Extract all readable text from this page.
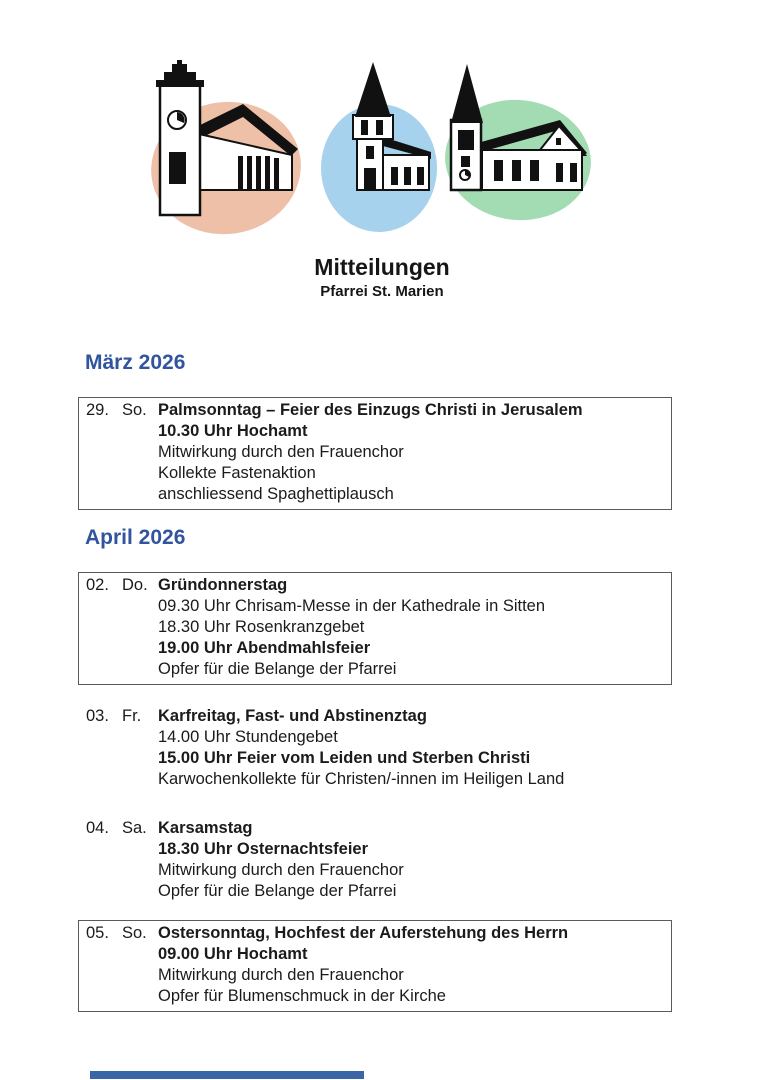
Mitteilungen
Pfarrei St. Marien
März 2026
29. So. Palmsonntag – Feier des Einzugs Christi in Jerusalem
10.30 Uhr Hochamt
Mitwirkung durch den Frauenchor
Kollekte Fastenaktion
anschliessend Spaghettiplausch
April 2026
02. Do. Gründonnerstag
09.30 Uhr Chrisam-Messe in der Kathedrale in Sitten
18.30 Uhr Rosenkranzgebet
19.00 Uhr Abendmahlsfeier
Opfer für die Belange der Pfarrei
03. Fr.	Karfreitag, Fast- und Abstinenztag
14.00 Uhr Stundengebet
15.00 Uhr Feier vom Leiden und Sterben Christi
Karwochenkollekte für Christen/-innen im Heiligen Land
04. Sa. Karsamstag
18.30 Uhr Osternachtsfeier
Mitwirkung durch den Frauenchor
Opfer für die Belange der Pfarrei
05. So. Ostersonntag, Hochfest der Auferstehung des Herrn
09.00 Uhr Hochamt
Mitwirkung durch den Frauenchor
Opfer für Blumenschmuck in der Kirche
